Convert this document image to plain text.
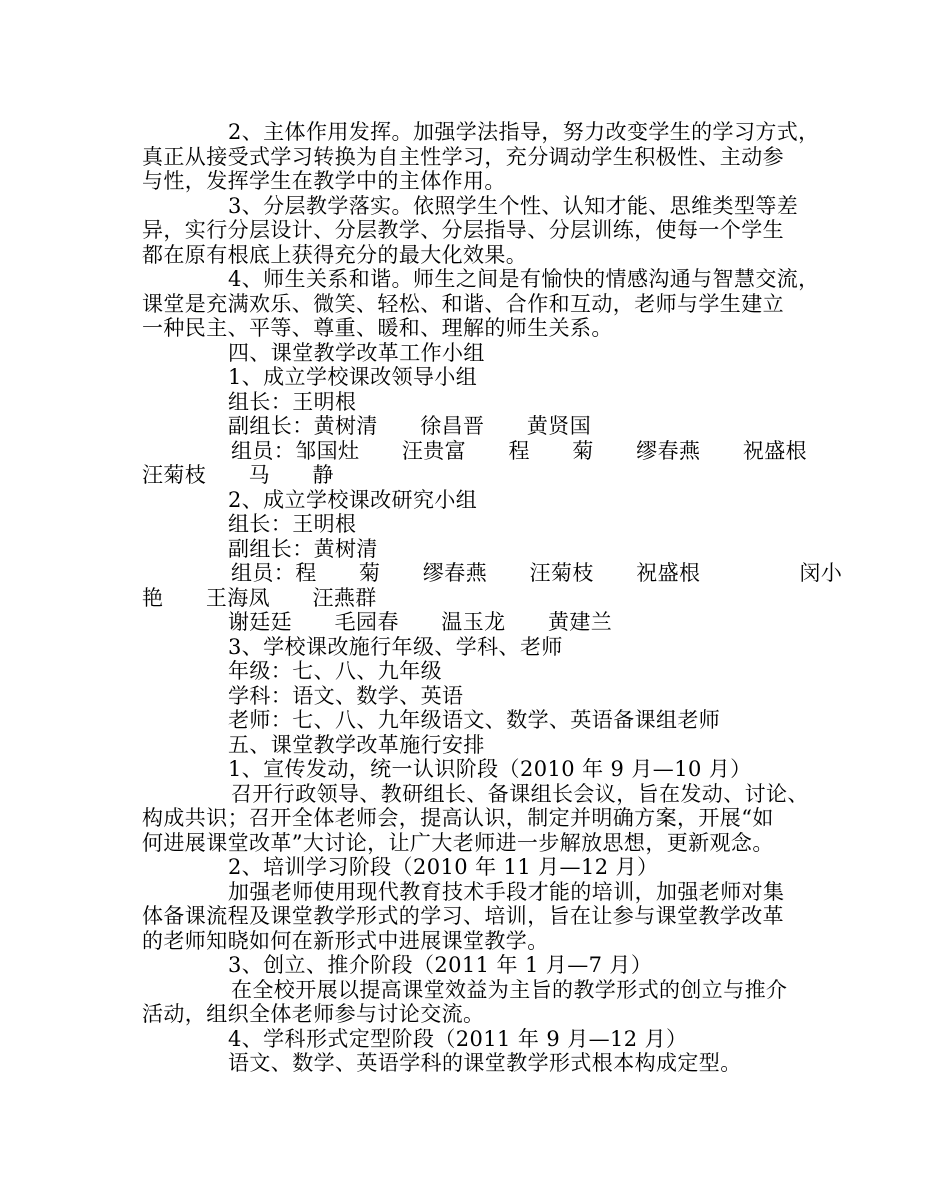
2、主体作用发挥。加强学法指导，努力改变学生的学习方式，
真正从接受式学习转换为自主性学习，充分调动学生积极性、主动参
与性，发挥学生在教学中的主体作用。
3、分层教学落实。依照学生个性、认知才能、思维类型等差
异，实行分层设计、分层教学、分层指导、分层训练，使每一个学生
都在原有根底上获得充分的最大化效果。
4、师生关系和谐。师生之间是有愉快的情感沟通与智慧交流，
课堂是充满欢乐、微笑、轻松、和谐、合作和互动，老师与学生建立
一种民主、平等、尊重、暖和、理解的师生关系。
四、课堂教学改革工作小组
1、成立学校课改领导小组
组长：王明根
副组长：黄树清      徐昌晋      黄贤国
组员：邹国灶      汪贵富      程      菊      缪春燕      祝盛根
汪菊枝      马      静
2、成立学校课改研究小组
组长：王明根
副组长：黄树清
组员：程      菊      缪春燕      汪菊枝      祝盛根              闵小
艳      王海凤      汪燕群
谢廷廷      毛园春      温玉龙      黄建兰
3、学校课改施行年级、学科、老师
年级：七、八、九年级
学科：语文、数学、英语
老师：七、八、九年级语文、数学、英语备课组老师
五、课堂教学改革施行安排
1、宣传发动，统一认识阶段（2010 年 9 月—10 月）
召开行政领导、教研组长、备课组长会议，旨在发动、讨论、
构成共识；召开全体老师会，提高认识，制定并明确方案，开展“如
何进展课堂改革”大讨论，让广大老师进一步解放思想，更新观念。
2、培训学习阶段（2010 年 11 月—12 月）
加强老师使用现代教育技术手段才能的培训，加强老师对集
体备课流程及课堂教学形式的学习、培训，旨在让参与课堂教学改革
的老师知晓如何在新形式中进展课堂教学。
3、创立、推介阶段（2011 年 1 月—7 月）
在全校开展以提高课堂效益为主旨的教学形式的创立与推介
活动，组织全体老师参与讨论交流。
4、学科形式定型阶段（2011 年 9 月—12 月）
语文、数学、英语学科的课堂教学形式根本构成定型。
